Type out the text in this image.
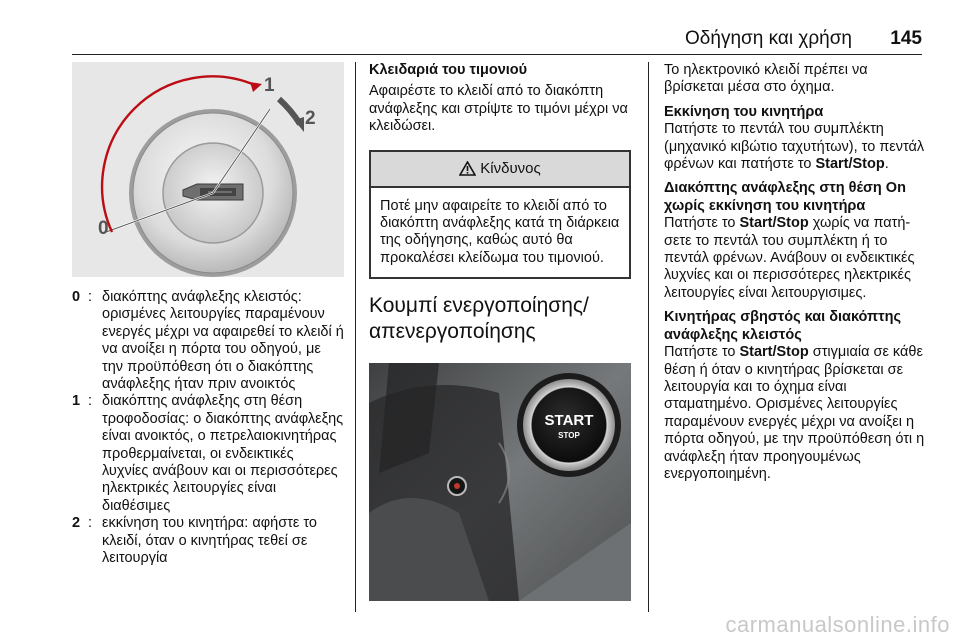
Οδήγηση και χρήση 145
1
2
0
0 : διακόπτης ανάφλεξης κλειστός: ορισμένες λειτουργίες παραμένουν ενεργές μέχρι να αφαιρεθεί το κλειδί ή να ανοίξει η πόρτα του οδηγού, με την προϋπόθεση ότι ο διακόπτης ανάφλεξης ήταν πριν ανοικτός
1 : διακόπτης ανάφλεξης στη θέση τροφοδοσίας: ο διακόπτης ανάφλεξης είναι ανοικτός, ο πετρελαιοκινητήρας προθερμαίνεται, οι ενδεικτικές λυχνίες ανάβουν και οι περισσότερες ηλεκτρικές λειτουργίες είναι διαθέσιμες
2 : εκκίνηση του κινητήρα: αφήστε το κλειδί, όταν ο κινητήρας τεθεί σε λειτουργία

Κλειδαριά του τιμονιού

Αφαιρέστε το κλειδί από το διακόπτη ανάφλεξης και στρίψτε το τιμόνι μέχρι να κλειδώσει.

Κίνδυνος
Ποτέ μην αφαιρείτε το κλειδί από το διακόπτη ανάφλεξης κατά τη διάρκεια της οδήγησης, καθώς αυτό θα προκαλέσει κλείδωμα του τιμονιού.

Κουμπί ενεργοποίησης/ απενεργοποίησης

START
STOP

Το ηλεκτρονικό κλειδί πρέπει να βρίσκεται μέσα στο όχημα.

Εκκίνηση του κινητήρα
Πατήστε το πεντάλ του συμπλέκτη (μηχανικό κιβώτιο ταχυτήτων), το πεντάλ φρένων και πατήστε το Start/Stop.

Διακόπτης ανάφλεξης στη θέση On χωρίς εκκίνηση του κινητήρα
Πατήστε το Start/Stop χωρίς να πατήσετε το πεντάλ του συμπλέκτη ή το πεντάλ φρένων. Ανάβουν οι ενδεικτικές λυχνίες και οι περισσότερες ηλεκτρικές λειτουργίες είναι λειτουργισιμες.

Κινητήρας σβηστός και διακόπτης ανάφλεξης κλειστός
Πατήστε το Start/Stop στιγμιαία σε κάθε θέση ή όταν ο κινητήρας βρίσκεται σε λειτουργία και το όχημα είναι σταματημένο. Ορισμένες λειτουργίες παραμένουν ενεργές μέχρι να ανοίξει η πόρτα οδηγού, με την προϋπόθεση ότι η ανάφλεξη ήταν προηγουμένως ενεργοποιημένη.

carmanualsonline.info
